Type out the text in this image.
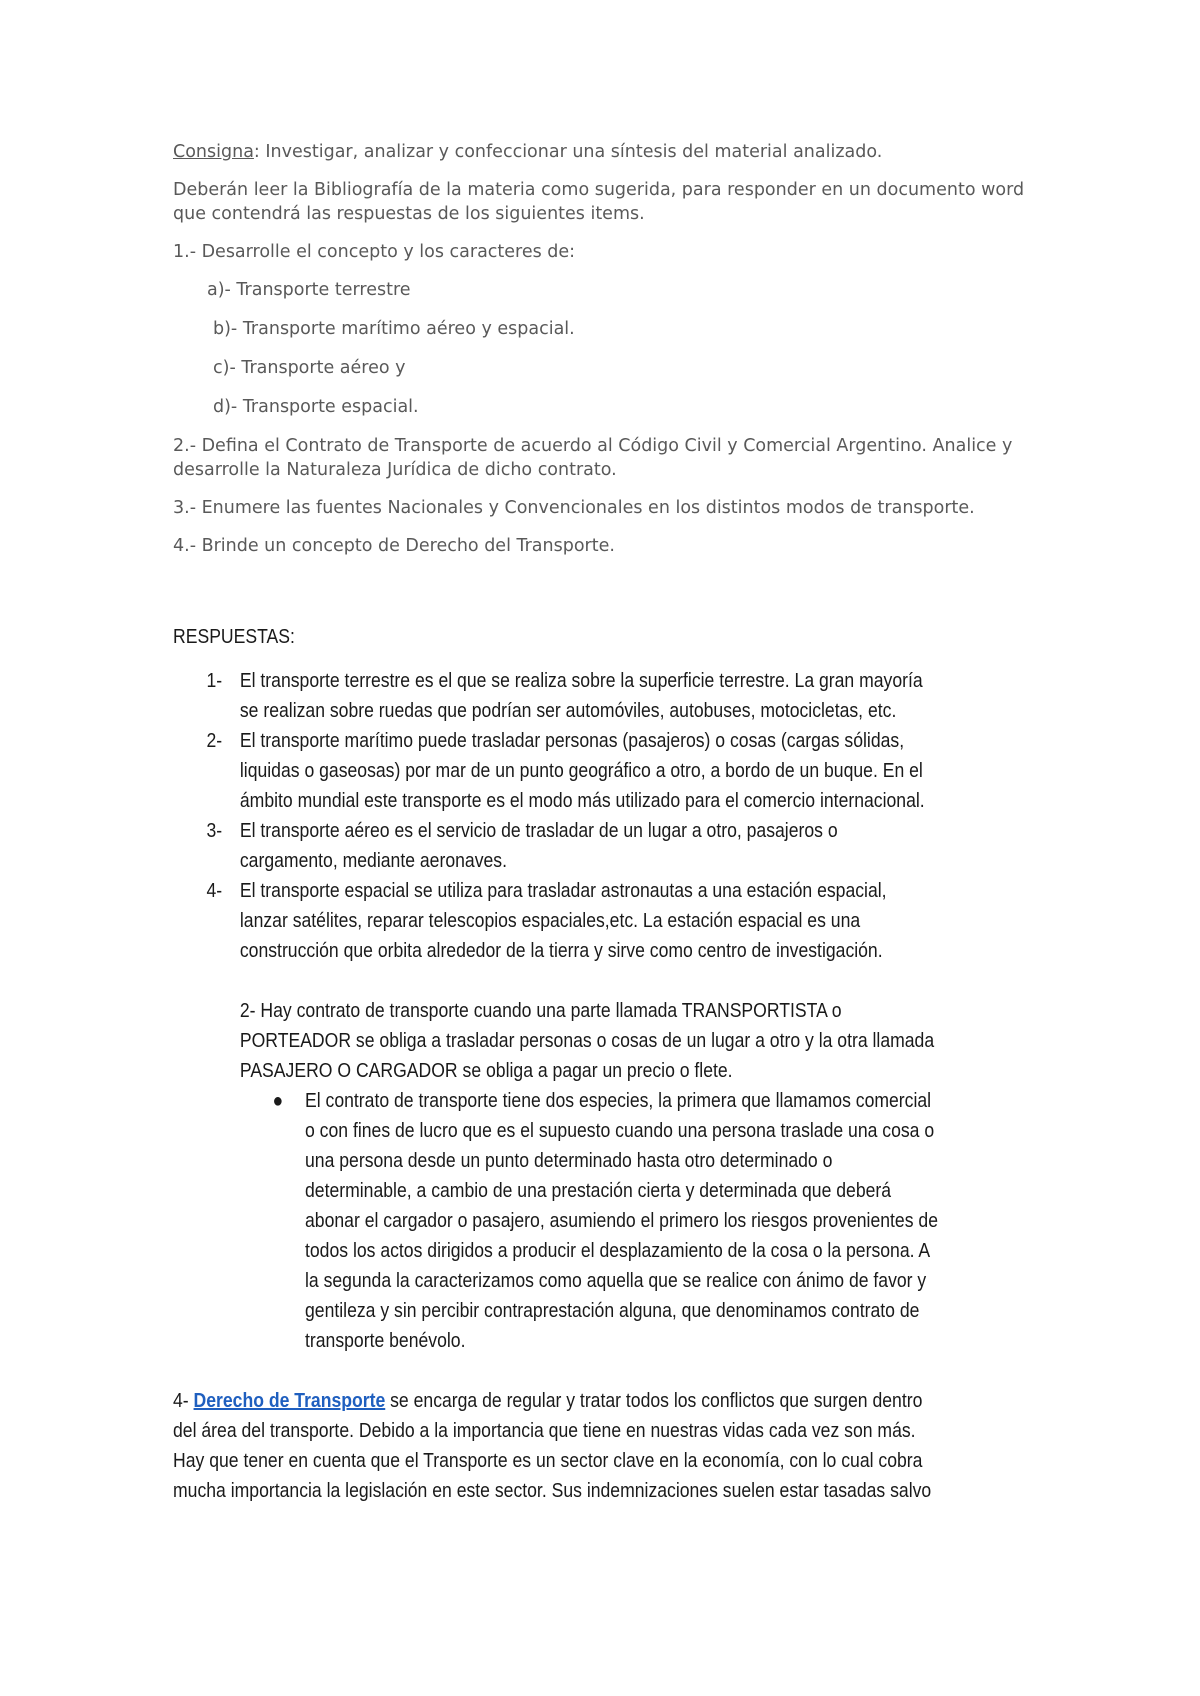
Consigna: Investigar, analizar y confeccionar una síntesis del material analizado.

Deberán leer la Bibliografía de la materia como sugerida, para responder en un documento word que contendrá las respuestas de los siguientes items.

1.- Desarrolle el concepto y los caracteres de:

a)- Transporte terrestre

b)- Transporte marítimo aéreo y espacial.

c)- Transporte aéreo y

d)- Transporte espacial.

2.- Defina el Contrato de Transporte de acuerdo al Código Civil y Comercial Argentino. Analice y desarrolle la Naturaleza Jurídica de dicho contrato.

3.- Enumere las fuentes Nacionales y Convencionales en los distintos modos de transporte.

4.- Brinde un concepto de Derecho del Transporte.

RESPUESTAS:

1- El transporte terrestre es el que se realiza sobre la superficie terrestre. La gran mayoría se realizan sobre ruedas que podrían ser automóviles, autobuses, motocicletas, etc.
2- El transporte marítimo puede trasladar personas (pasajeros) o cosas (cargas sólidas, liquidas o gaseosas) por mar de un punto geográfico a otro, a bordo de un buque. En el ámbito mundial este transporte es el modo más utilizado para el comercio internacional.
3- El transporte aéreo es el servicio de trasladar de un lugar a otro, pasajeros o cargamento, mediante aeronaves.
4- El transporte espacial se utiliza para trasladar astronautas a una estación espacial, lanzar satélites, reparar telescopios espaciales,etc. La estación espacial es una construcción que orbita alrededor de la tierra y sirve como centro de investigación.

2- Hay contrato de transporte cuando una parte llamada TRANSPORTISTA o PORTEADOR se obliga a trasladar personas o cosas de un lugar a otro y la otra llamada PASAJERO O CARGADOR se obliga a pagar un precio o flete.

● El contrato de transporte tiene dos especies, la primera que llamamos comercial o con fines de lucro que es el supuesto cuando una persona traslade una cosa o una persona desde un punto determinado hasta otro determinado o determinable, a cambio de una prestación cierta y determinada que deberá abonar el cargador o pasajero, asumiendo el primero los riesgos provenientes de todos los actos dirigidos a producir el desplazamiento de la cosa o la persona. A la segunda la caracterizamos como aquella que se realice con ánimo de favor y gentileza y sin percibir contraprestación alguna, que denominamos contrato de transporte benévolo.

4- Derecho de Transporte se encarga de regular y tratar todos los conflictos que surgen dentro del área del transporte. Debido a la importancia que tiene en nuestras vidas cada vez son más. Hay que tener en cuenta que el Transporte es un sector clave en la economía, con lo cual cobra mucha importancia la legislación en este sector. Sus indemnizaciones suelen estar tasadas salvo
